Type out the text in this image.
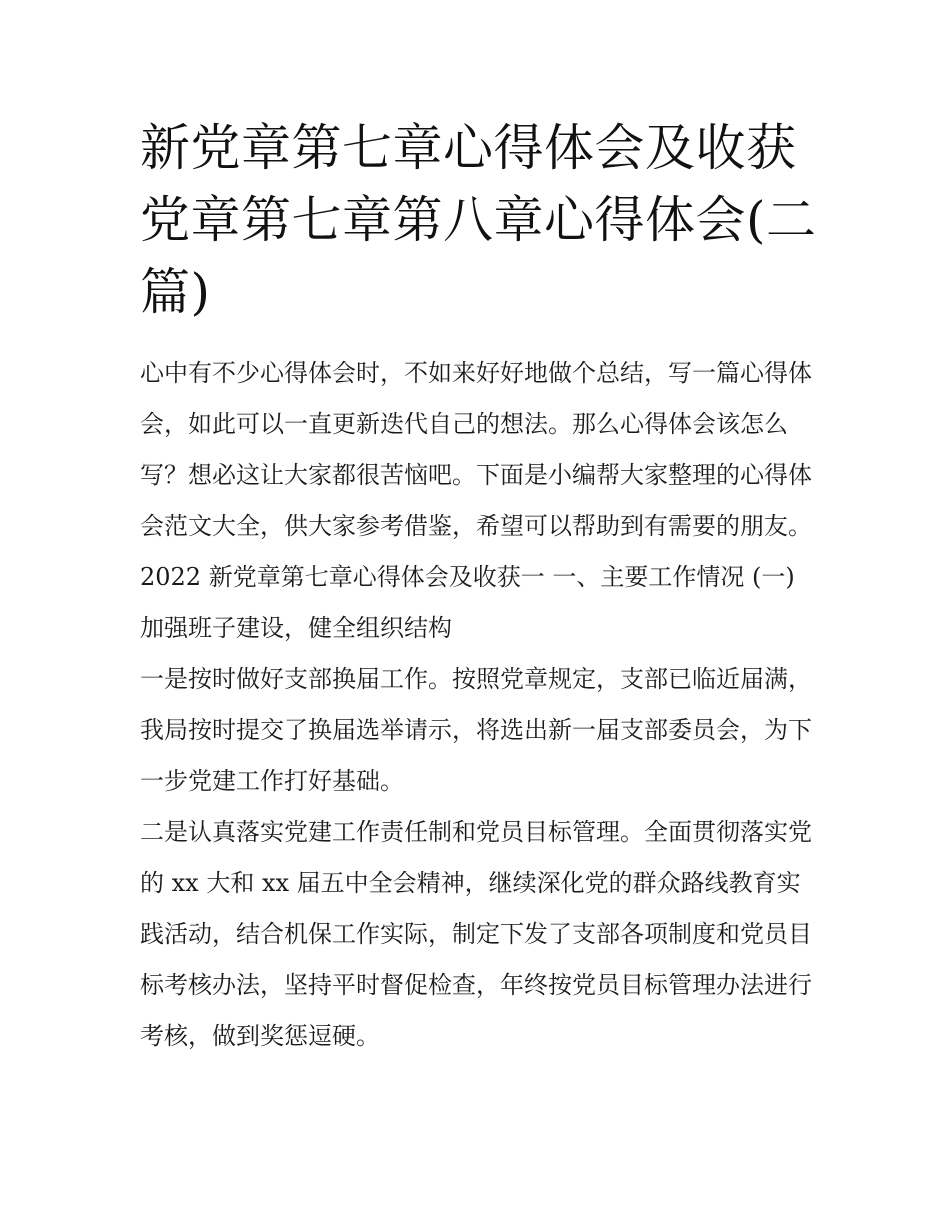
新党章第七章心得体会及收获
党章第七章第八章心得体会(二
篇)

心中有不少心得体会时，不如来好好地做个总结，写一篇心得体会，如此可以一直更新迭代自己的想法。那么心得体会该怎么写？想必这让大家都很苦恼吧。下面是小编帮大家整理的心得体会范文大全，供大家参考借鉴，希望可以帮助到有需要的朋友。

2022 新党章第七章心得体会及收获一 一、主要工作情况 (一) 加强班子建设，健全组织结构

一是按时做好支部换届工作。按照党章规定，支部已临近届满，我局按时提交了换届选举请示，将选出新一届支部委员会，为下一步党建工作打好基础。

二是认真落实党建工作责任制和党员目标管理。全面贯彻落实党的 xx 大和 xx 届五中全会精神，继续深化党的群众路线教育实践活动，结合机保工作实际，制定下发了支部各项制度和党员目标考核办法，坚持平时督促检查，年终按党员目标管理办法进行考核，做到奖惩逗硬。
